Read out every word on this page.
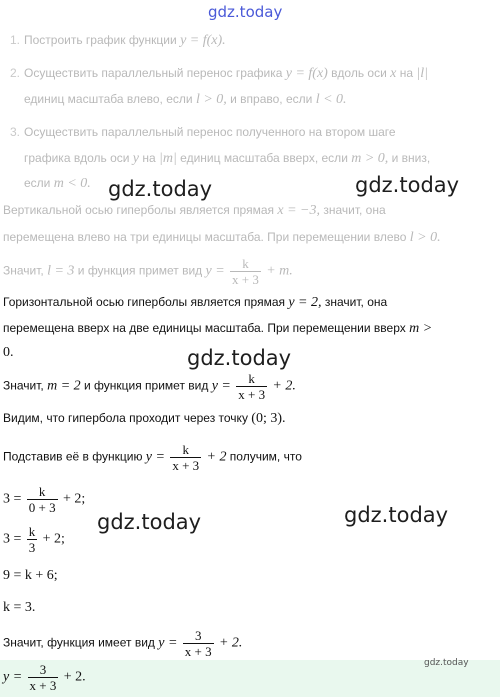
gdz.today
1. Построить график функции y = f(x).
2. Осуществить параллельный перенос графика y = f(x) вдоль оси x на |l|
единиц масштаба влево, если l > 0, и вправо, если l < 0.
3. Осуществить параллельный перенос полученного на втором шаге
графика вдоль оси y на |m| единиц масштаба вверх, если m > 0, и вниз,
если m < 0. gdz.today	gdz.today
Вертикальной осью гиперболы является прямая x = −3, значит, она
перемещена влево на три единицы масштаба. При перемещении влево l > 0.
Значит, l = 3 и функция примет вид $y = \frac{k}{x + 3} + m$.
Горизонтальной осью гиперболы является прямая y = 2, значит, она
перемещена вверх на две единицы масштаба. При перемещении вверх m >
0.	gdz.today
Значит, m = 2 и функция примет вид $y = \frac{k}{x + 3} + 2$.
Видим, что гипербола проходит через точку (0; 3).
Подставив её в функцию $y = \frac{k}{x + 3} + 2$ получим, что
$3 = \frac{k}{0 + 3} + 2$;
gdz.today	gdz.today
$3 = \frac{k}{3} + 2$;
9 = k + 6;
k = 3.
Значит, функция имеет вид $y = \frac{3}{x + 3} + 2$.
gdz.today
$y = \frac{3}{x + 3} + 2$.
